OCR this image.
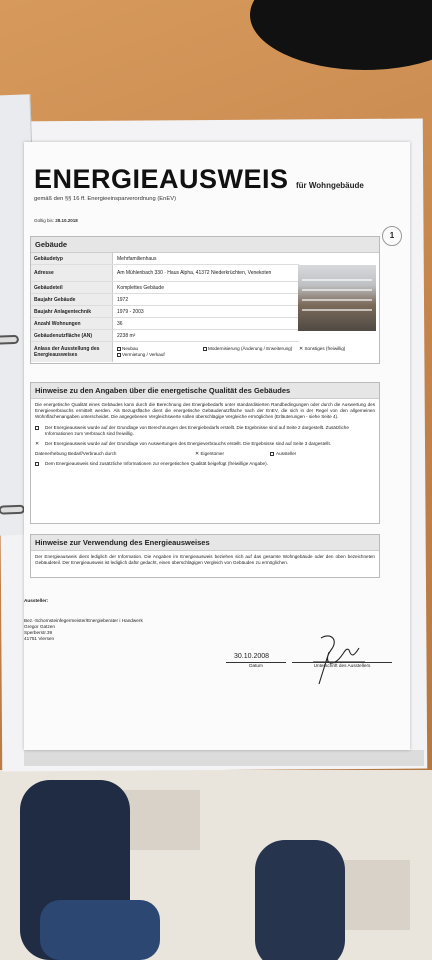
ENERGIEAUSWEIS für Wohngebäude
gemäß den §§ 16 ff. Energieeinsparverordnung (EnEV)
Gültig bis: 28.10.2018
1
Gebäude
Gebäudetyp	Mehrfamilienhaus
Adresse	Am Mühlenbach 330 · Haus Alpha, 41372 Niederkrüchten, Venekoten
Gebäudeteil	Komplettes Gebäude
Baujahr Gebäude	1972
Baujahr Anlagentechnik	1979 - 2003
Anzahl Wohnungen	36
Gebäudenutzfläche (AN)	2238 m²
Anlass der Ausstellung des Energieausweises
Neubau
Vermietung / Verkauf
Modernisierung (Änderung / Erweiterung)	✕ Sonstiges (freiwillig)
Hinweise zu den Angaben über die energetische Qualität des Gebäudes
Die energetische Qualität eines Gebäudes kann durch die Berechnung des Energiebedarfs unter standardisierten Randbedingungen oder durch die Auswertung des Energieverbrauchs ermittelt werden. Als Bezugsfläche dient die energetische Gebäudenutzfläche nach der EnEV, die sich in der Regel von den allgemeinen Wohnflächenangaben unterscheidet. Die angegebenen Vergleichswerte sollen überschlägige Vergleiche ermöglichen (Erläuterungen - siehe Seite 4).
Der Energieausweis wurde auf der Grundlage von Berechnungen des Energiebedarfs erstellt. Die Ergebnisse sind auf Seite 2 dargestellt. Zusätzliche Informationen zum Verbrauch sind freiwillig.
✕	Der Energieausweis wurde auf der Grundlage von Auswertungen des Energieverbrauchs erstellt. Die Ergebnisse sind auf Seite 3 dargestellt.
Datenerhebung Bedarf/Verbrauch durch	✕ Eigentümer	Aussteller
Dem Energieausweis sind zusätzliche Informationen zur energetischen Qualität beigefügt (freiwillige Angabe).
Hinweise zur Verwendung des Energieausweises
Der Energieausweis dient lediglich der Information. Die Angaben im Energieausweis beziehen sich auf das gesamte Wohngebäude oder den oben bezeichneten Gebäudeteil. Der Energieausweis ist lediglich dafür gedacht, einen überschlägigen Vergleich von Gebäuden zu ermöglichen.
Aussteller:
Bez.-Schornsteinfegermeister/Energieberater i Handwerk
Gregor Gatzen
Sperberstr.39
41751 Viersen
30.10.2008
Datum	Unterschrift des Ausstellers
